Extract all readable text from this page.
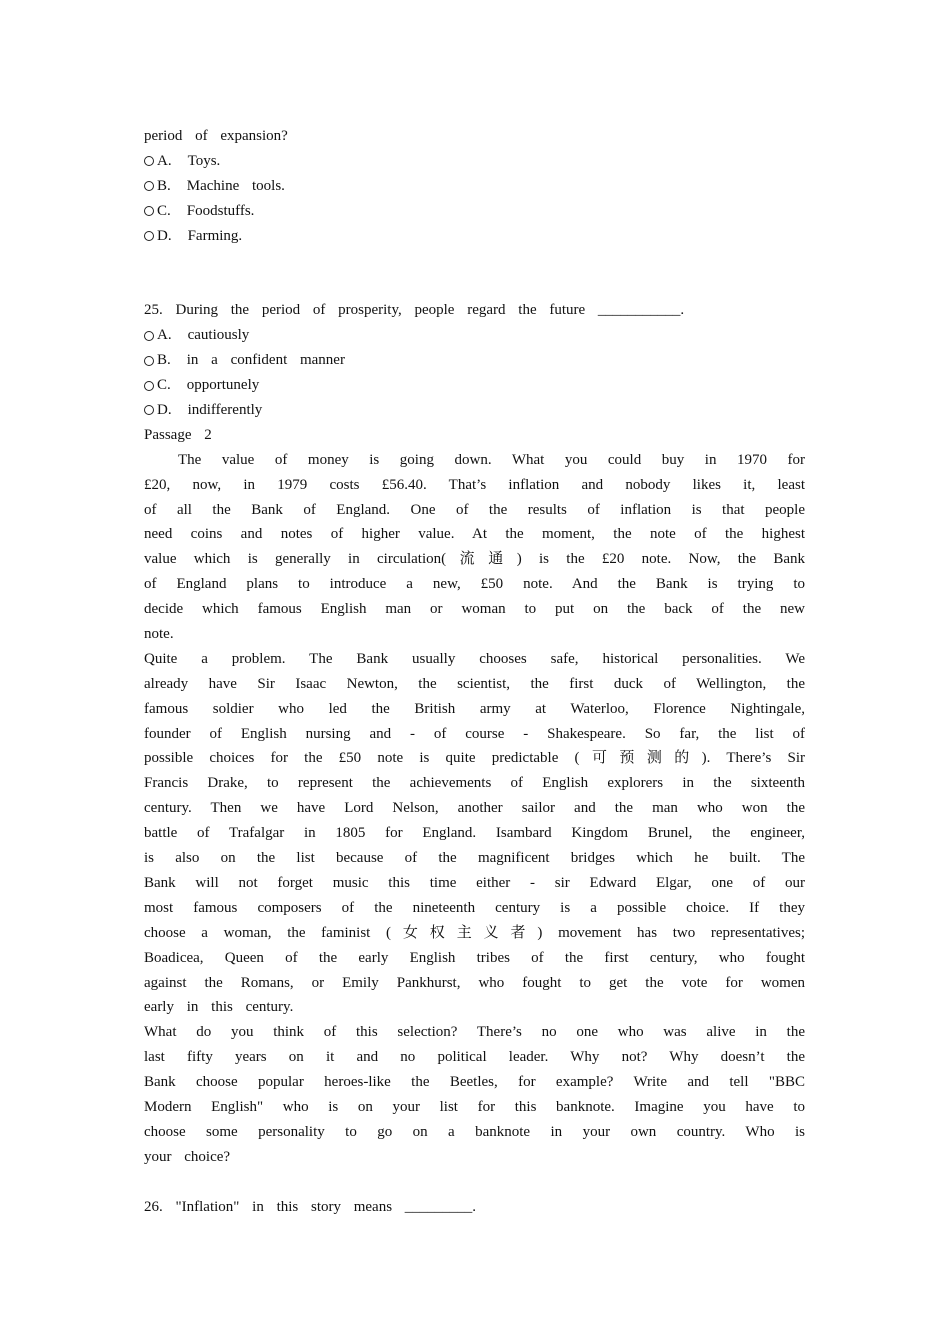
period of expansion?
A. Toys.
B. Machine tools.
C. Foodstuffs.
D. Farming.
25. During the period of prosperity, people regard the future ___________.
A. cautiously
B. in a confident manner
C. opportunely
D. indifferently
Passage 2
The value of money is going down. What you could buy in 1970 for
£20, now, in 1979 costs £56.40. That’s inflation and nobody likes it, least
of all the Bank of England. One of the results of inflation is that people
need coins and notes of higher value. At the moment, the note of the highest
value which is generally in circulation(流通) is the £20 note. Now, the Bank
of England plans to introduce a new, £50 note. And the Bank is trying to
decide which famous English man or woman to put on the back of the new
note.
Quite a problem. The Bank usually chooses safe, historical personalities. We
already have Sir Isaac Newton, the scientist, the first duck of Wellington, the
famous soldier who led the British army at Waterloo, Florence Nightingale,
founder of English nursing and - of course - Shakespeare. So far, the list of
possible choices for the £50 note is quite predictable (可预测的). There’s Sir
Francis Drake, to represent the achievements of English explorers in the sixteenth
century. Then we have Lord Nelson, another sailor and the man who won the
battle of Trafalgar in 1805 for England. Isambard Kingdom Brunel, the engineer,
is also on the list because of the magnificent bridges which he built. The
Bank will not forget music this time either - sir Edward Elgar, one of our
most famous composers of the nineteenth century is a possible choice. If they
choose a woman, the faminist (女权主义者) movement has two representatives;
Boadicea, Queen of the early English tribes of the first century, who fought
against the Romans, or Emily Pankhurst, who fought to get the vote for women
early in this century.
What do you think of this selection? There’s no one who was alive in the
last fifty years on it and no political leader. Why not? Why doesn’t the
Bank choose popular heroes-like the Beetles, for example? Write and tell "BBC
Modern English" who is on your list for this banknote. Imagine you have to
choose some personality to go on a banknote in your own country. Who is
your choice?
26. "Inflation" in this story means _________.
